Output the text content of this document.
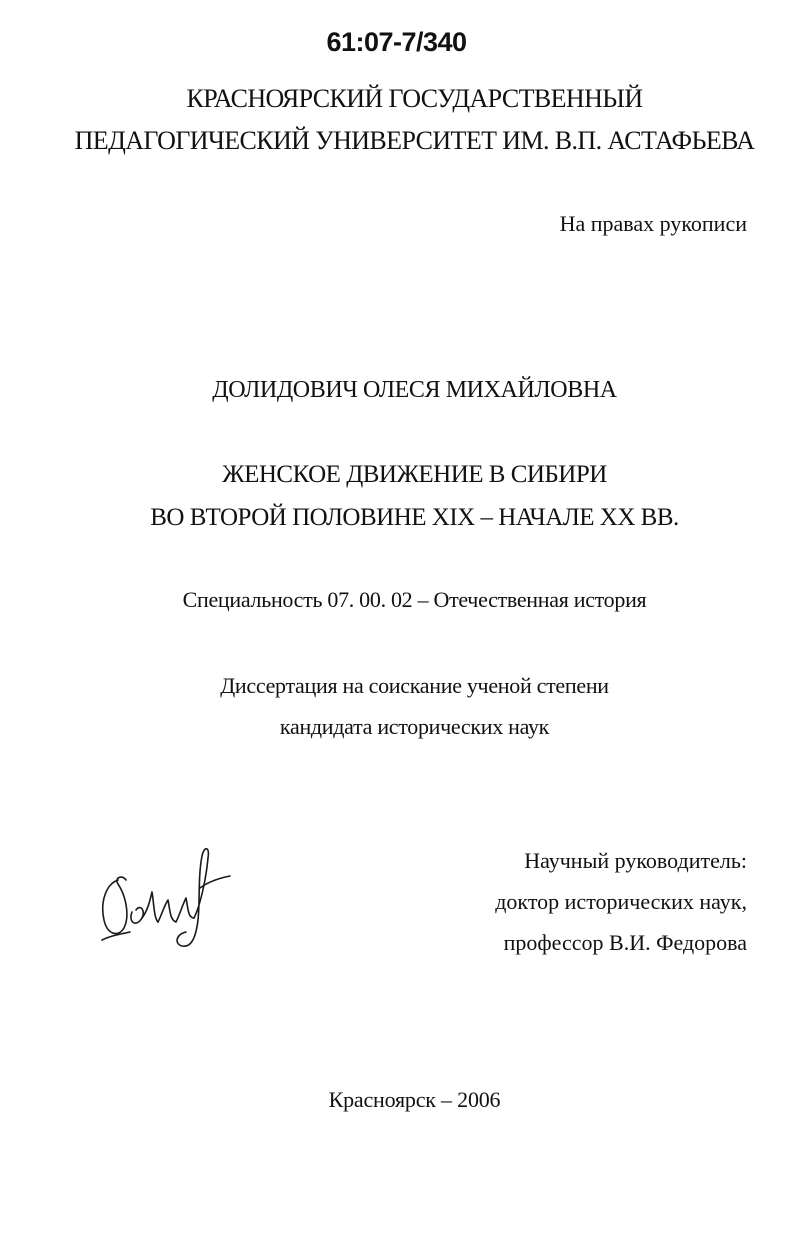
61:07-7/340
КРАСНОЯРСКИЙ ГОСУДАРСТВЕННЫЙ
ПЕДАГОГИЧЕСКИЙ УНИВЕРСИТЕТ ИМ. В.П. АСТАФЬЕВА
На правах рукописи
ДОЛИДОВИЧ ОЛЕСЯ МИХАЙЛОВНА
ЖЕНСКОЕ ДВИЖЕНИЕ В СИБИРИ
ВО ВТОРОЙ ПОЛОВИНЕ XIX – НАЧАЛЕ XX ВВ.
Специальность 07. 00. 02 – Отечественная история
Диссертация на соискание ученой степени
кандидата исторических наук
Научный руководитель:
доктор исторических наук,
профессор В.И. Федорова
Красноярск – 2006
